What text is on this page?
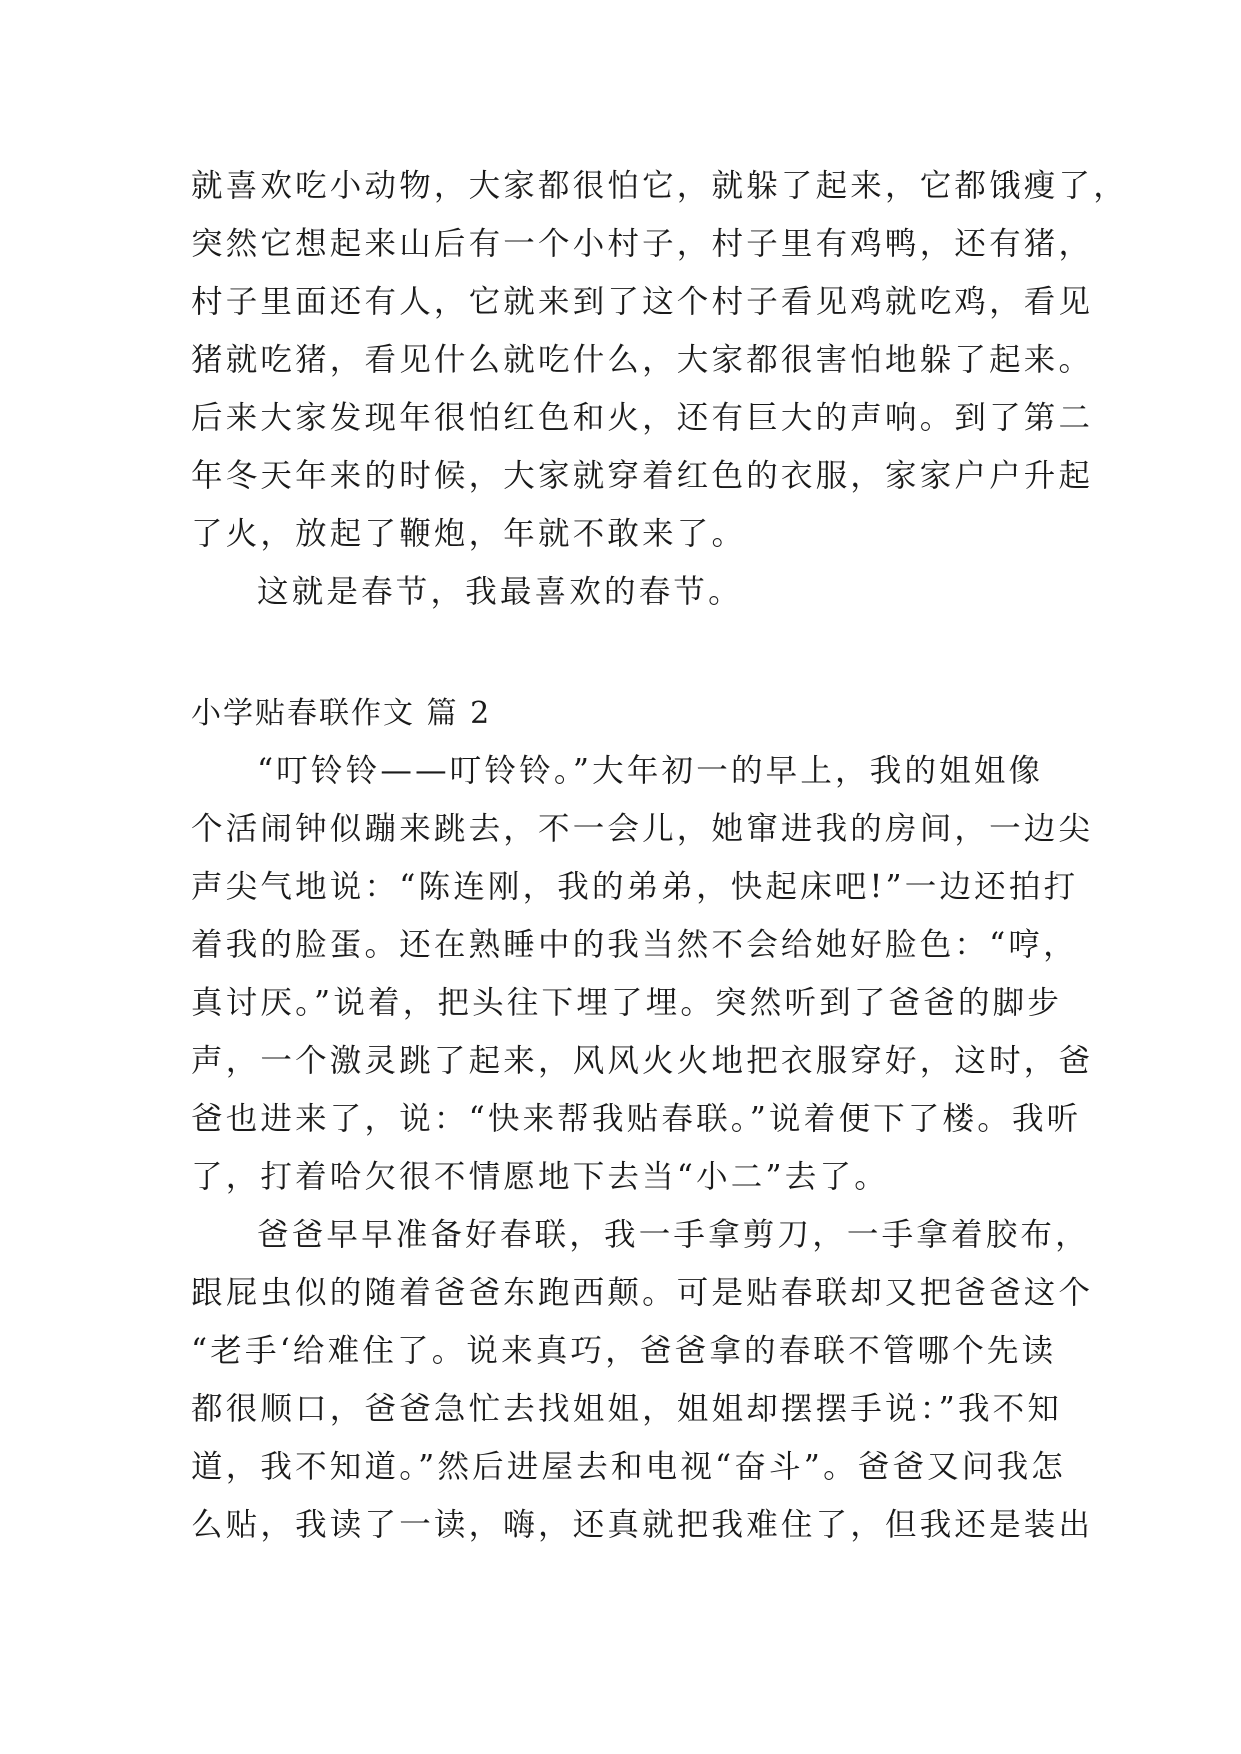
就喜欢吃小动物，大家都很怕它，就躲了起来，它都饿瘦了，
突然它想起来山后有一个小村子，村子里有鸡鸭，还有猪，
村子里面还有人，它就来到了这个村子看见鸡就吃鸡，看见
猪就吃猪，看见什么就吃什么，大家都很害怕地躲了起来。
后来大家发现年很怕红色和火，还有巨大的声响。到了第二
年冬天年来的时候，大家就穿着红色的衣服，家家户户升起
了火，放起了鞭炮，年就不敢来了。
这就是春节，我最喜欢的春节。
小学贴春联作文 篇 2
“叮铃铃——叮铃铃。”大年初一的早上，我的姐姐像
个活闹钟似蹦来跳去，不一会儿，她窜进我的房间，一边尖
声尖气地说：“陈连刚，我的弟弟，快起床吧!”一边还拍打
着我的脸蛋。还在熟睡中的我当然不会给她好脸色：“哼，
真讨厌。”说着，把头往下埋了埋。突然听到了爸爸的脚步
声，一个激灵跳了起来，风风火火地把衣服穿好，这时，爸
爸也进来了，说：“快来帮我贴春联。”说着便下了楼。我听
了，打着哈欠很不情愿地下去当“小二”去了。
爸爸早早准备好春联，我一手拿剪刀，一手拿着胶布，
跟屁虫似的随着爸爸东跑西颠。可是贴春联却又把爸爸这个
“老手‘给难住了。说来真巧，爸爸拿的春联不管哪个先读
都很顺口，爸爸急忙去找姐姐，姐姐却摆摆手说：”我不知
道，我不知道。”然后进屋去和电视“奋斗”。爸爸又问我怎
么贴，我读了一读，嗨，还真就把我难住了，但我还是装出
